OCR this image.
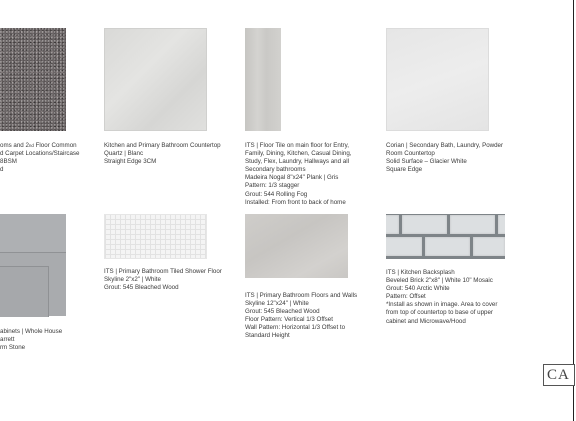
oms and 2nd Floor Common
d Carpet Locations/Staircase
8BSM
d
Kitchen and Primary Bathroom Countertop
Quartz | Blanc
Straight Edge 3CM
ITS | Floor Tile on main floor for Entry,
Family, Dining, Kitchen, Casual Dining,
Study, Flex, Laundry, Hallways and all
Secondary bathrooms
Madeira Nogal 8"x24" Plank | Gris
Pattern: 1/3 stagger
Grout: 544 Rolling Fog
Installed: From front to back of home
Corian | Secondary Bath, Laundry, Powder
Room Countertop
Solid Surface – Glacier White
Square Edge
abinets | Whole House
arrett
rm Stone
ITS | Primary Bathroom Tiled Shower Floor
Skyline 2"x2" | White
Grout: 545 Bleached Wood
ITS | Primary Bathroom Floors and Walls
Skyline 12"x24" | White
Grout: 545 Bleached Wood
Floor Pattern: Vertical 1/3 Offset
Wall Pattern: Horizontal 1/3 Offset to
Standard Height
ITS | Kitchen Backsplash
Beveled Brick 2"x8" | White 10" Mosaic
Grout: 540 Arctic White
Pattern: Offset
*Install as shown in image. Area to cover
from top of countertop to base of upper
cabinet and Microwave/Hood
CA
